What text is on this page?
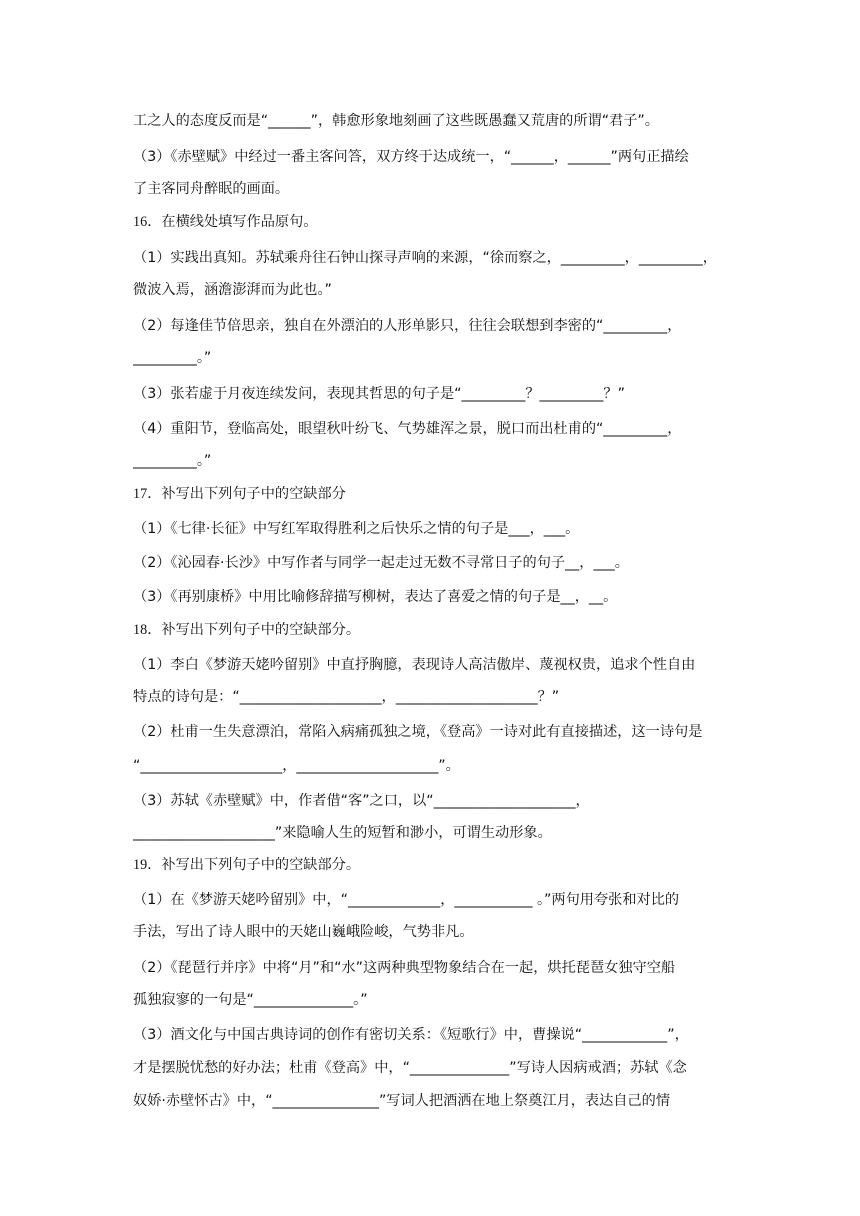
工之人的态度反而是“______”，韩愈形象地刻画了这些既愚蠢又荒唐的所谓“君子”。
（3）《赤壁赋》中经过一番主客问答，双方终于达成统一，“______，______”两句正描绘
了主客同舟醉眠的画面。
16．在横线处填写作品原句。
（1）实践出真知。苏轼乘舟往石钟山探寻声响的来源，“徐而察之，_________，_________，
微波入焉，涵澹澎湃而为此也。”
（2）每逢佳节倍思亲，独自在外漂泊的人形单影只，往往会联想到李密的“_________，
_________。”
（3）张若虚于月夜连续发问，表现其哲思的句子是“_________？_________？”
（4）重阳节，登临高处，眼望秋叶纷飞、气势雄浑之景，脱口而出杜甫的“_________，
_________。”
17．补写出下列句子中的空缺部分
（1）《七律·长征》中写红军取得胜利之后快乐之情的句子是___，___。
（2）《沁园春·长沙》中写作者与同学一起走过无数不寻常日子的句子__，___。
（3）《再别康桥》中用比喻修辞描写柳树，表达了喜爱之情的句子是__，__。
18．补写出下列句子中的空缺部分。
（1）李白《梦游天姥吟留别》中直抒胸臆，表现诗人高洁傲岸、蔑视权贵，追求个性自由
特点的诗句是：“____________________，____________________？”
（2）杜甫一生失意漂泊，常陷入病痛孤独之境，《登高》一诗对此有直接描述，这一诗句是
“____________________，____________________”。
（3）苏轼《赤壁赋》中，作者借“客”之口，以“____________________，
____________________”来隐喻人生的短暂和渺小，可谓生动形象。
19．补写出下列句子中的空缺部分。
（1）在《梦游天姥吟留别》中，“_____________，___________ 。”两句用夸张和对比的
手法，写出了诗人眼中的天姥山巍峨险峻，气势非凡。
（2）《琵琶行并序》中将“月”和“水”这两种典型物象结合在一起，烘托琵琶女独守空船
孤独寂寥的一句是“______________。”
（3）酒文化与中国古典诗词的创作有密切关系：《短歌行》中，曹操说“____________”，
才是摆脱忧愁的好办法；杜甫《登高》中，“______________”写诗人因病戒酒；苏轼《念
奴娇·赤壁怀古》中，“_______________”写词人把酒洒在地上祭奠江月，表达自己的情
